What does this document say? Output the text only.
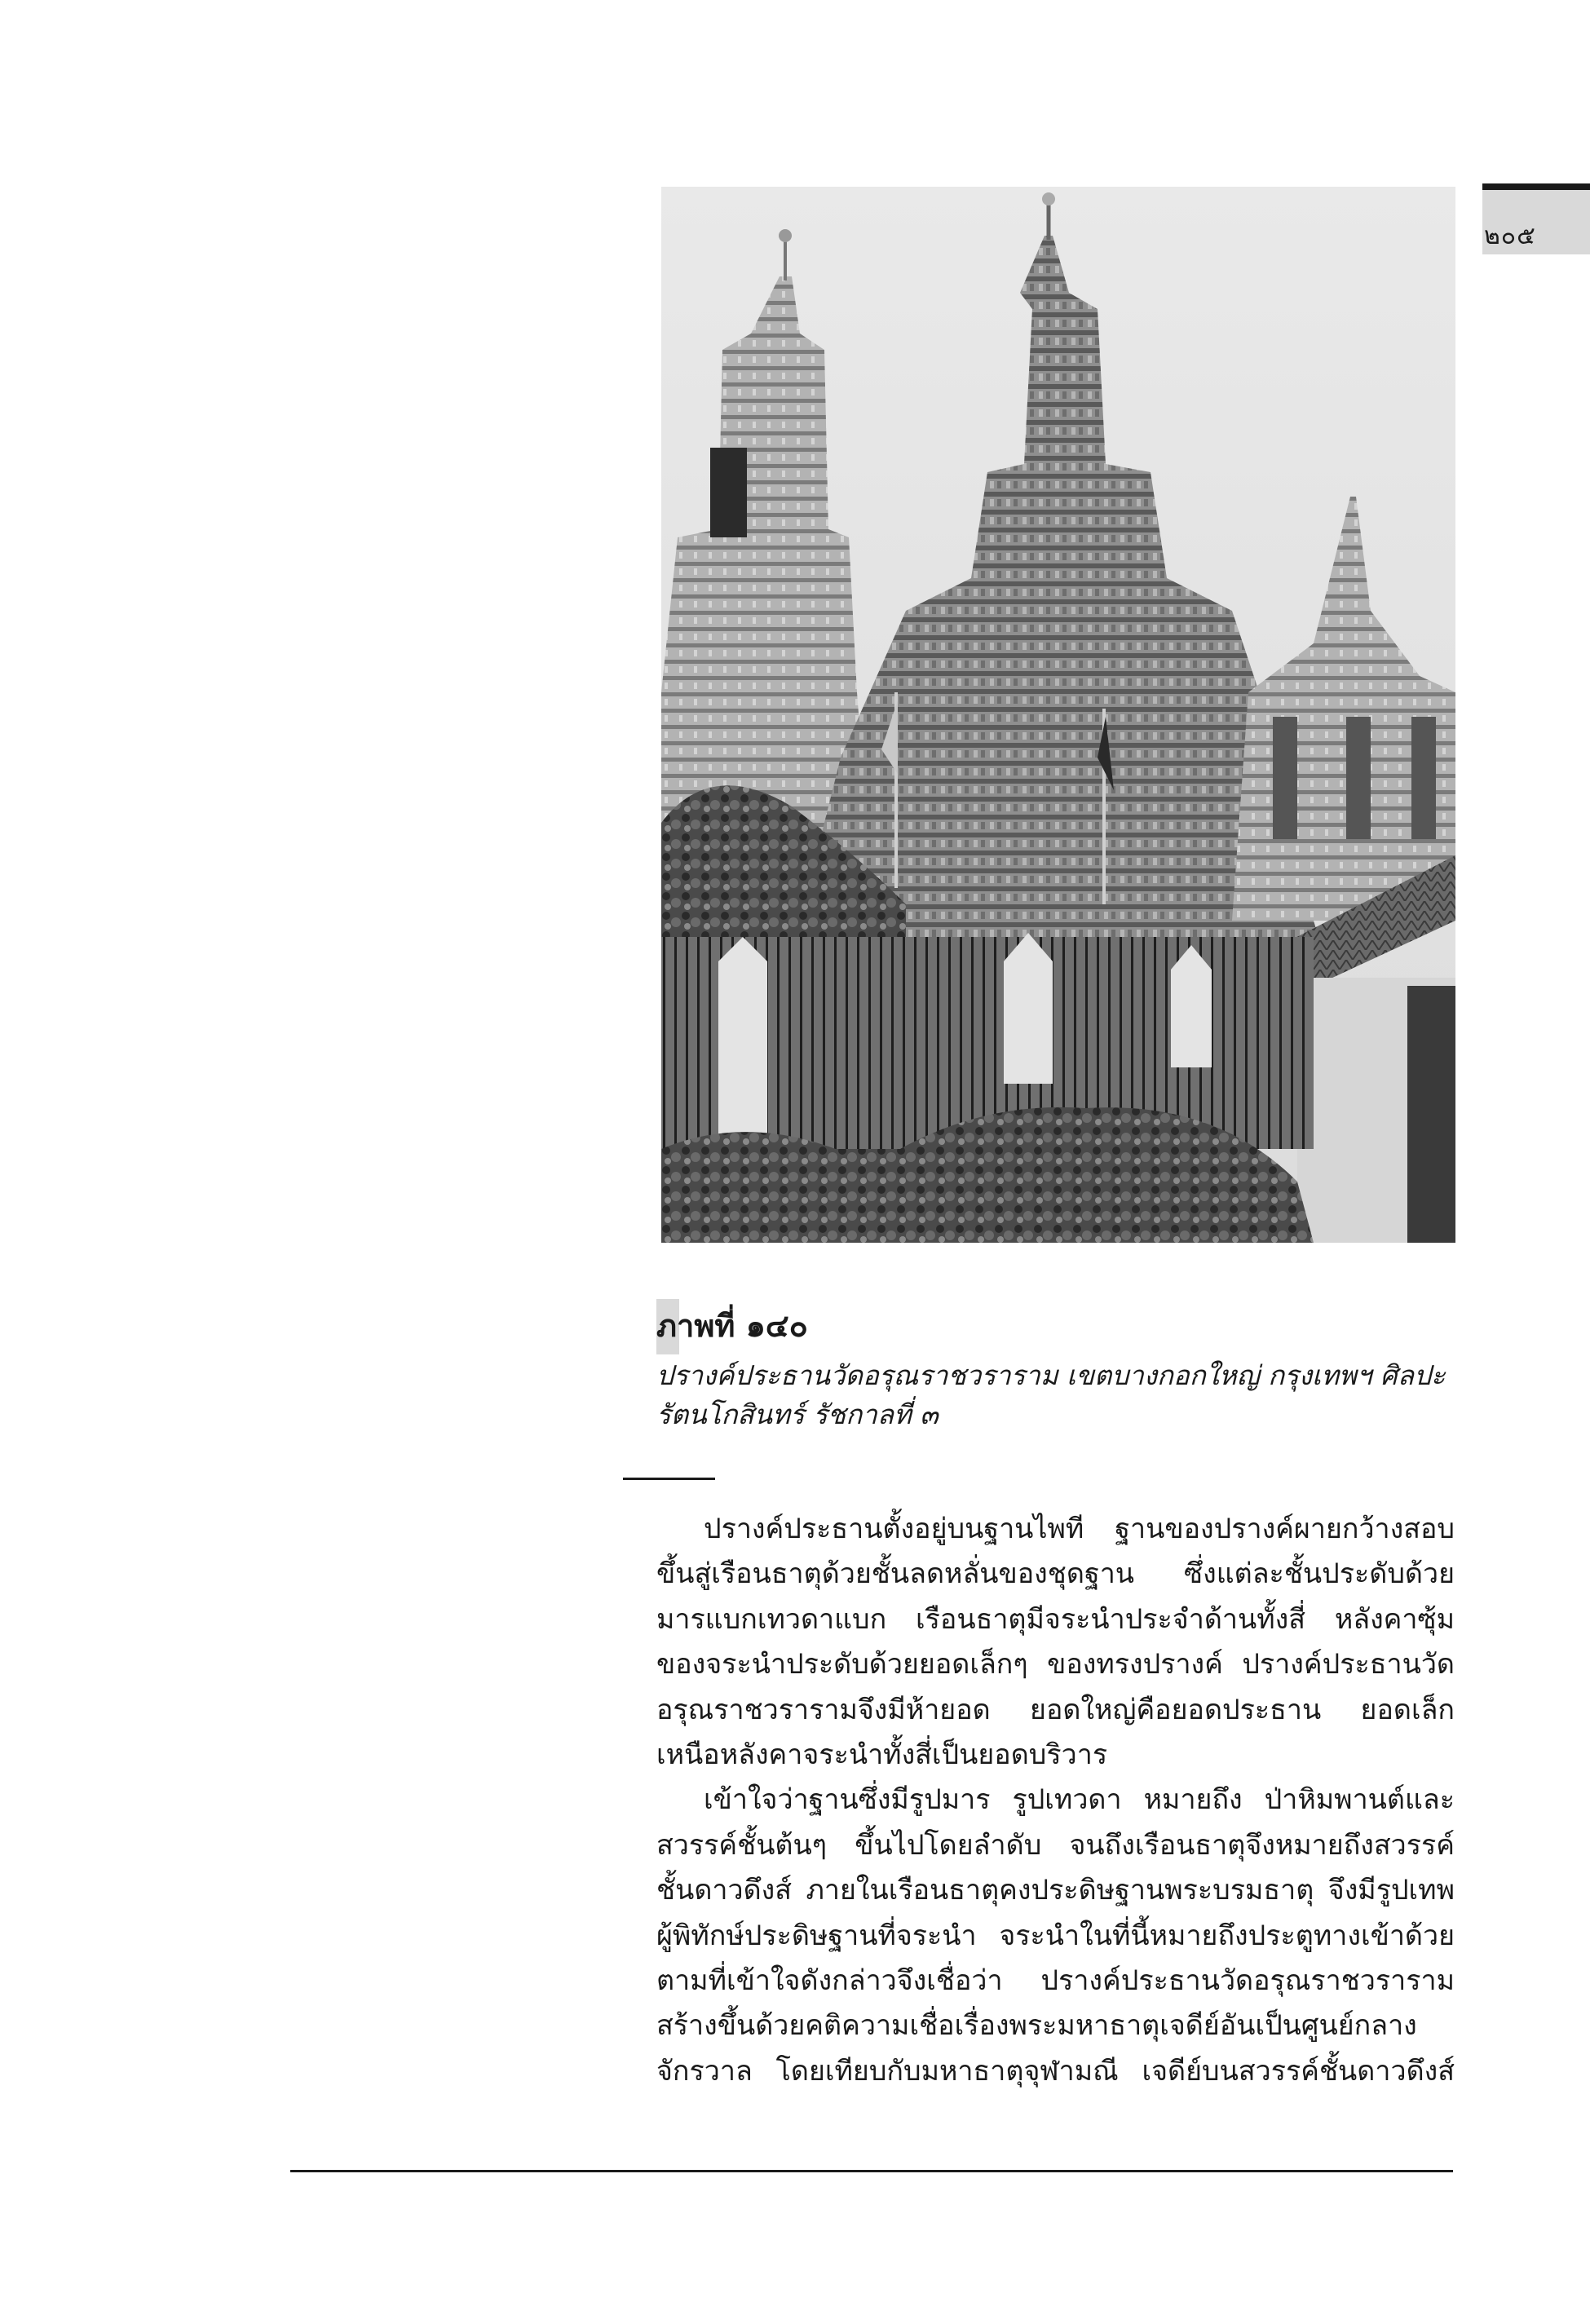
๒๐๕
ภาพที่ ๑๔๐
ปรางค์ประธานวัดอรุณราชวราราม เขตบางกอกใหญ่ กรุงเทพฯ ศิลปะ
รัตนโกสินทร์ รัชกาลที่ ๓
ปรางค์ประธานตั้งอยู่บนฐานไพที ฐานของปรางค์ผายกว้างสอบ
ขึ้นสู่เรือนธาตุด้วยชั้นลดหลั่นของชุดฐาน ซึ่งแต่ละชั้นประดับด้วย
มารแบกเทวดาแบก เรือนธาตุมีจระนำประจำด้านทั้งสี่ หลังคาซุ้ม
ของจระนำประดับด้วยยอดเล็กๆ ของทรงปรางค์ ปรางค์ประธานวัด
อรุณราชวรารามจึงมีห้ายอด ยอดใหญ่คือยอดประธาน ยอดเล็ก
เหนือหลังคาจระนำทั้งสี่เป็นยอดบริวาร
เข้าใจว่าฐานซึ่งมีรูปมาร รูปเทวดา หมายถึง ป่าหิมพานต์และ
สวรรค์ชั้นต้นๆ ขึ้นไปโดยลำดับ จนถึงเรือนธาตุจึงหมายถึงสวรรค์
ชั้นดาวดึงส์ ภายในเรือนธาตุคงประดิษฐานพระบรมธาตุ จึงมีรูปเทพ
ผู้พิทักษ์ประดิษฐานที่จระนำ จระนำในที่นี้หมายถึงประตูทางเข้าด้วย
ตามที่เข้าใจดังกล่าวจึงเชื่อว่า ปรางค์ประธานวัดอรุณราชวราราม
สร้างขึ้นด้วยคติความเชื่อเรื่องพระมหาธาตุเจดีย์อันเป็นศูนย์กลาง
จักรวาล โดยเทียบกับมหาธาตุจุฬามณี เจดีย์บนสวรรค์ชั้นดาวดึงส์
